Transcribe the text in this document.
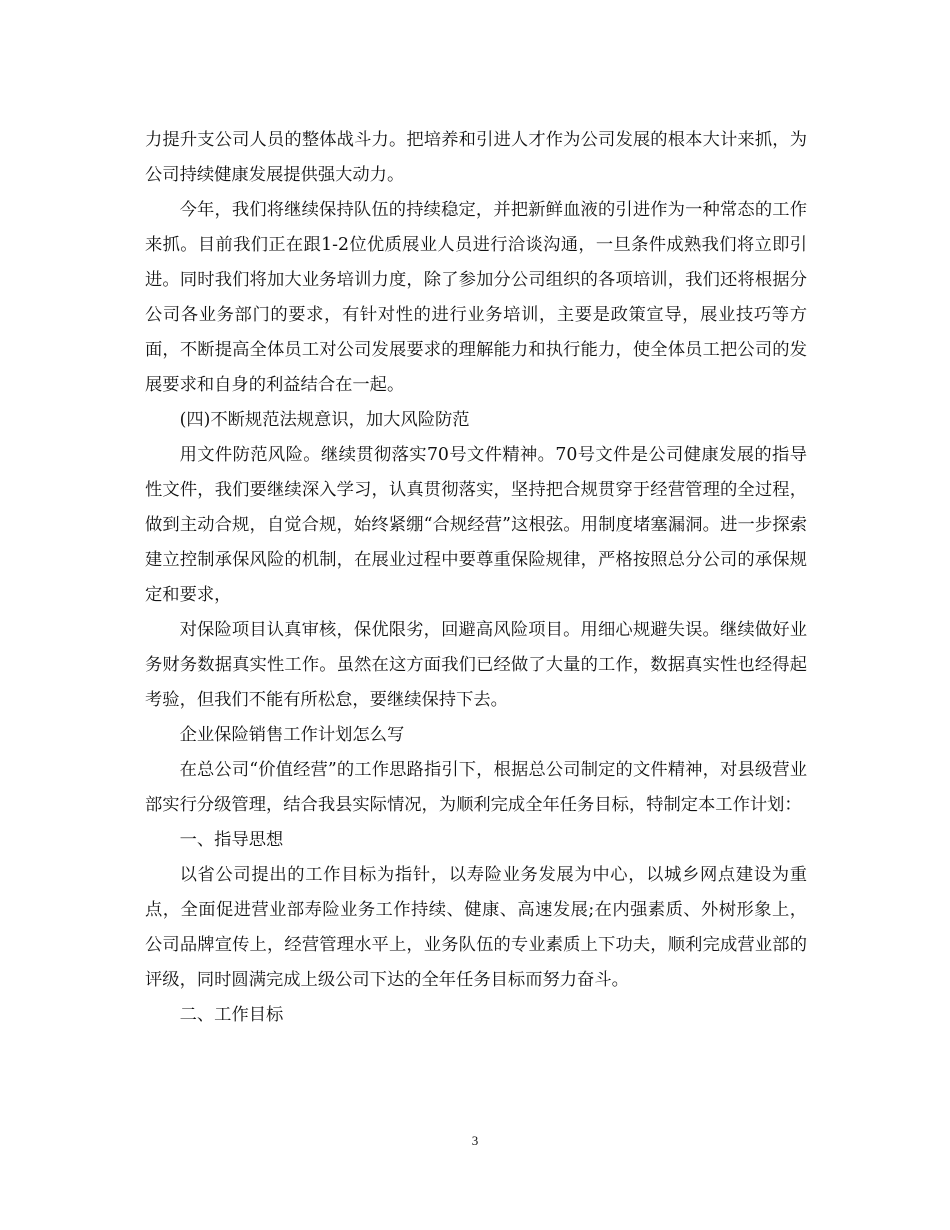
力提升支公司人员的整体战斗力。把培养和引进人才作为公司发展的根本大计来抓，为公司持续健康发展提供强大动力。

今年，我们将继续保持队伍的持续稳定，并把新鲜血液的引进作为一种常态的工作来抓。目前我们正在跟1-2位优质展业人员进行洽谈沟通，一旦条件成熟我们将立即引进。同时我们将加大业务培训力度，除了参加分公司组织的各项培训，我们还将根据分公司各业务部门的要求，有针对性的进行业务培训，主要是政策宣导，展业技巧等方面，不断提高全体员工对公司发展要求的理解能力和执行能力，使全体员工把公司的发展要求和自身的利益结合在一起。

(四)不断规范法规意识，加大风险防范

用文件防范风险。继续贯彻落实70号文件精神。70号文件是公司健康发展的指导性文件，我们要继续深入学习，认真贯彻落实，坚持把合规贯穿于经营管理的全过程，做到主动合规，自觉合规，始终紧绷“合规经营”这根弦。用制度堵塞漏洞。进一步探索建立控制承保风险的机制，在展业过程中要尊重保险规律，严格按照总分公司的承保规定和要求，

对保险项目认真审核，保优限劣，回避高风险项目。用细心规避失误。继续做好业务财务数据真实性工作。虽然在这方面我们已经做了大量的工作，数据真实性也经得起考验，但我们不能有所松怠，要继续保持下去。

企业保险销售工作计划怎么写

在总公司“价值经营”的工作思路指引下，根据总公司制定的文件精神，对县级营业部实行分级管理，结合我县实际情况，为顺利完成全年任务目标，特制定本工作计划：

一、指导思想

以省公司提出的工作目标为指针，以寿险业务发展为中心，以城乡网点建设为重点，全面促进营业部寿险业务工作持续、健康、高速发展;在内强素质、外树形象上，公司品牌宣传上，经营管理水平上，业务队伍的专业素质上下功夫，顺利完成营业部的评级，同时圆满完成上级公司下达的全年任务目标而努力奋斗。

二、工作目标

3
